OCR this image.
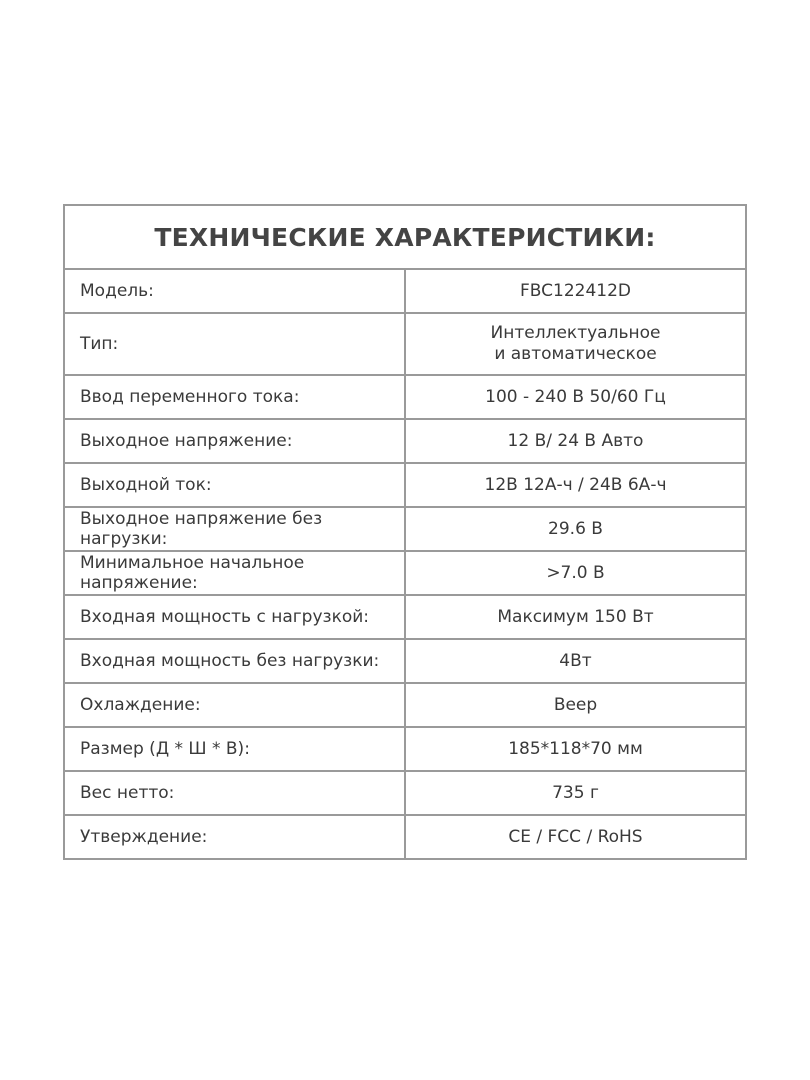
ТЕХНИЧЕСКИЕ ХАРАКТЕРИСТИКИ:	
Модель:	FBC122412D

Тип:	Интеллектуальное
и автоматическое

Ввод переменного тока:	100 - 240 В 50/60 Гц

Выходное напряжение:	12 В/ 24 В Авто

Выходной ток:	12В 12А-ч / 24В 6А-ч

Выходное напряжение без нагрузки:	29.6 В

Минимальное начальное напряжение:	>7.0 В

Входная мощность с нагрузкой:	Максимум 150 Вт

Входная мощность без нагрузки:	4Вт

Охлаждение:	Веер

Размер (Д * Ш * В):	185*118*70 мм

Вес нетто:	735 г

Утверждение:	CE / FCC / RoHS
